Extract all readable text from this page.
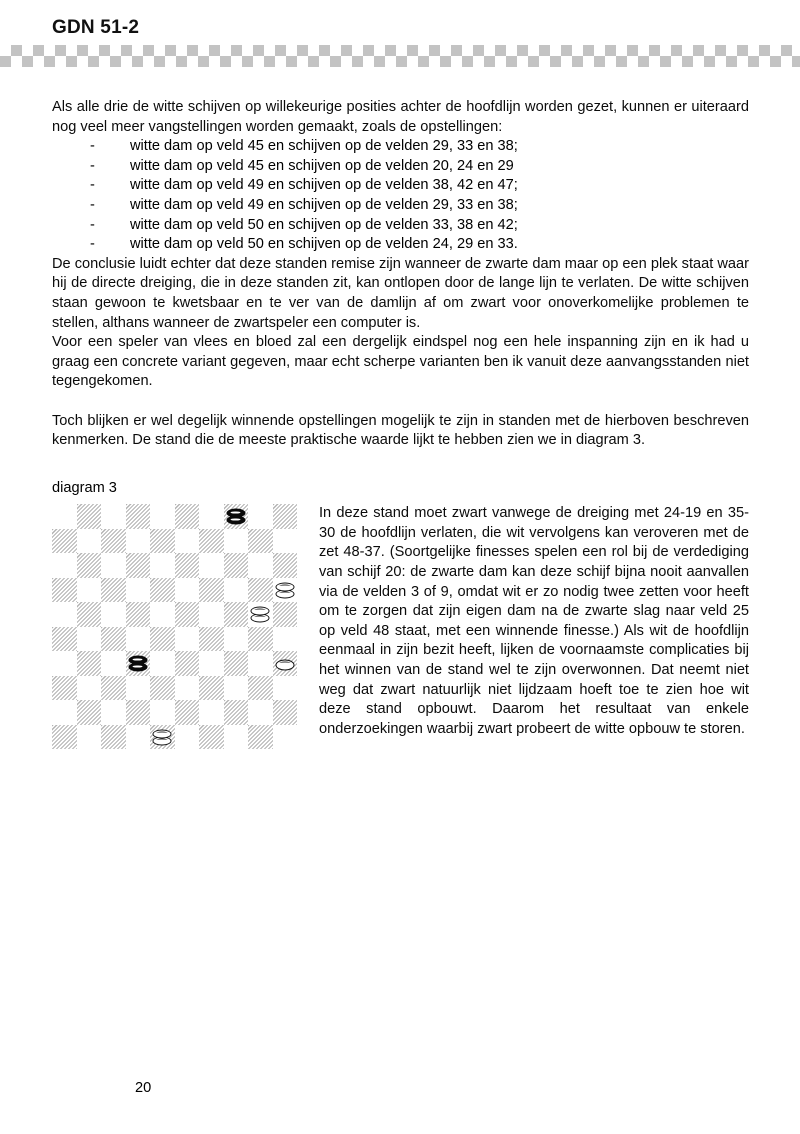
GDN 51-2

Als alle drie de witte schijven op willekeurige posities achter de hoofdlijn worden gezet, kunnen er uiteraard nog veel meer vangstellingen worden gemaakt, zoals de opstellingen:

- witte dam op veld 45 en schijven op de velden 29, 33 en 38;
- witte dam op veld 45 en schijven op de velden 20, 24 en 29
- witte dam op veld 49 en schijven op de velden 38, 42 en 47;
- witte dam op veld 49 en schijven op de velden 29, 33 en 38;
- witte dam op veld 50 en schijven op de velden 33, 38 en 42;
- witte dam op veld 50 en schijven op de velden 24, 29 en 33.

De conclusie luidt echter dat deze standen remise zijn wanneer de zwarte dam maar op een plek staat waar hij de directe dreiging, die in deze standen zit, kan ontlopen door de lange lijn te verlaten. De witte schijven staan gewoon te kwetsbaar en te ver van de damlijn af om zwart voor onoverkomelijke problemen te stellen, althans wanneer de zwartspeler een computer is.

Voor een speler van vlees en bloed zal een dergelijk eindspel nog een hele inspanning zijn en ik had u graag een concrete variant gegeven, maar echt scherpe varianten ben ik vanuit deze aanvangsstanden niet tegengekomen.

Toch blijken er wel degelijk winnende opstellingen mogelijk te zijn in standen met de hierboven beschreven kenmerken. De stand die de meeste praktische waarde lijkt te hebben zien we in diagram 3.

diagram 3

In deze stand moet zwart vanwege de dreiging met 24-19 en 35-30 de hoofdlijn verlaten, die wit vervolgens kan veroveren met de zet 48-37. (Soortgelijke finesses spelen een rol bij de verdediging van schijf 20: de zwarte dam kan deze schijf bijna nooit aanvallen via de velden 3 of 9, omdat wit er zo nodig twee zetten voor heeft om te zorgen dat zijn eigen dam na de zwarte slag naar veld 25 op veld 48 staat, met een winnende finesse.) Als wit de hoofdlijn eenmaal in zijn bezit heeft, lijken de voornaamste complicaties bij het winnen van de stand wel te zijn overwonnen. Dat neemt niet weg dat zwart natuurlijk niet lijdzaam hoeft toe te zien hoe wit deze stand opbouwt. Daarom het resultaat van enkele onderzoekingen waarbij zwart probeert de witte opbouw te storen.

20
